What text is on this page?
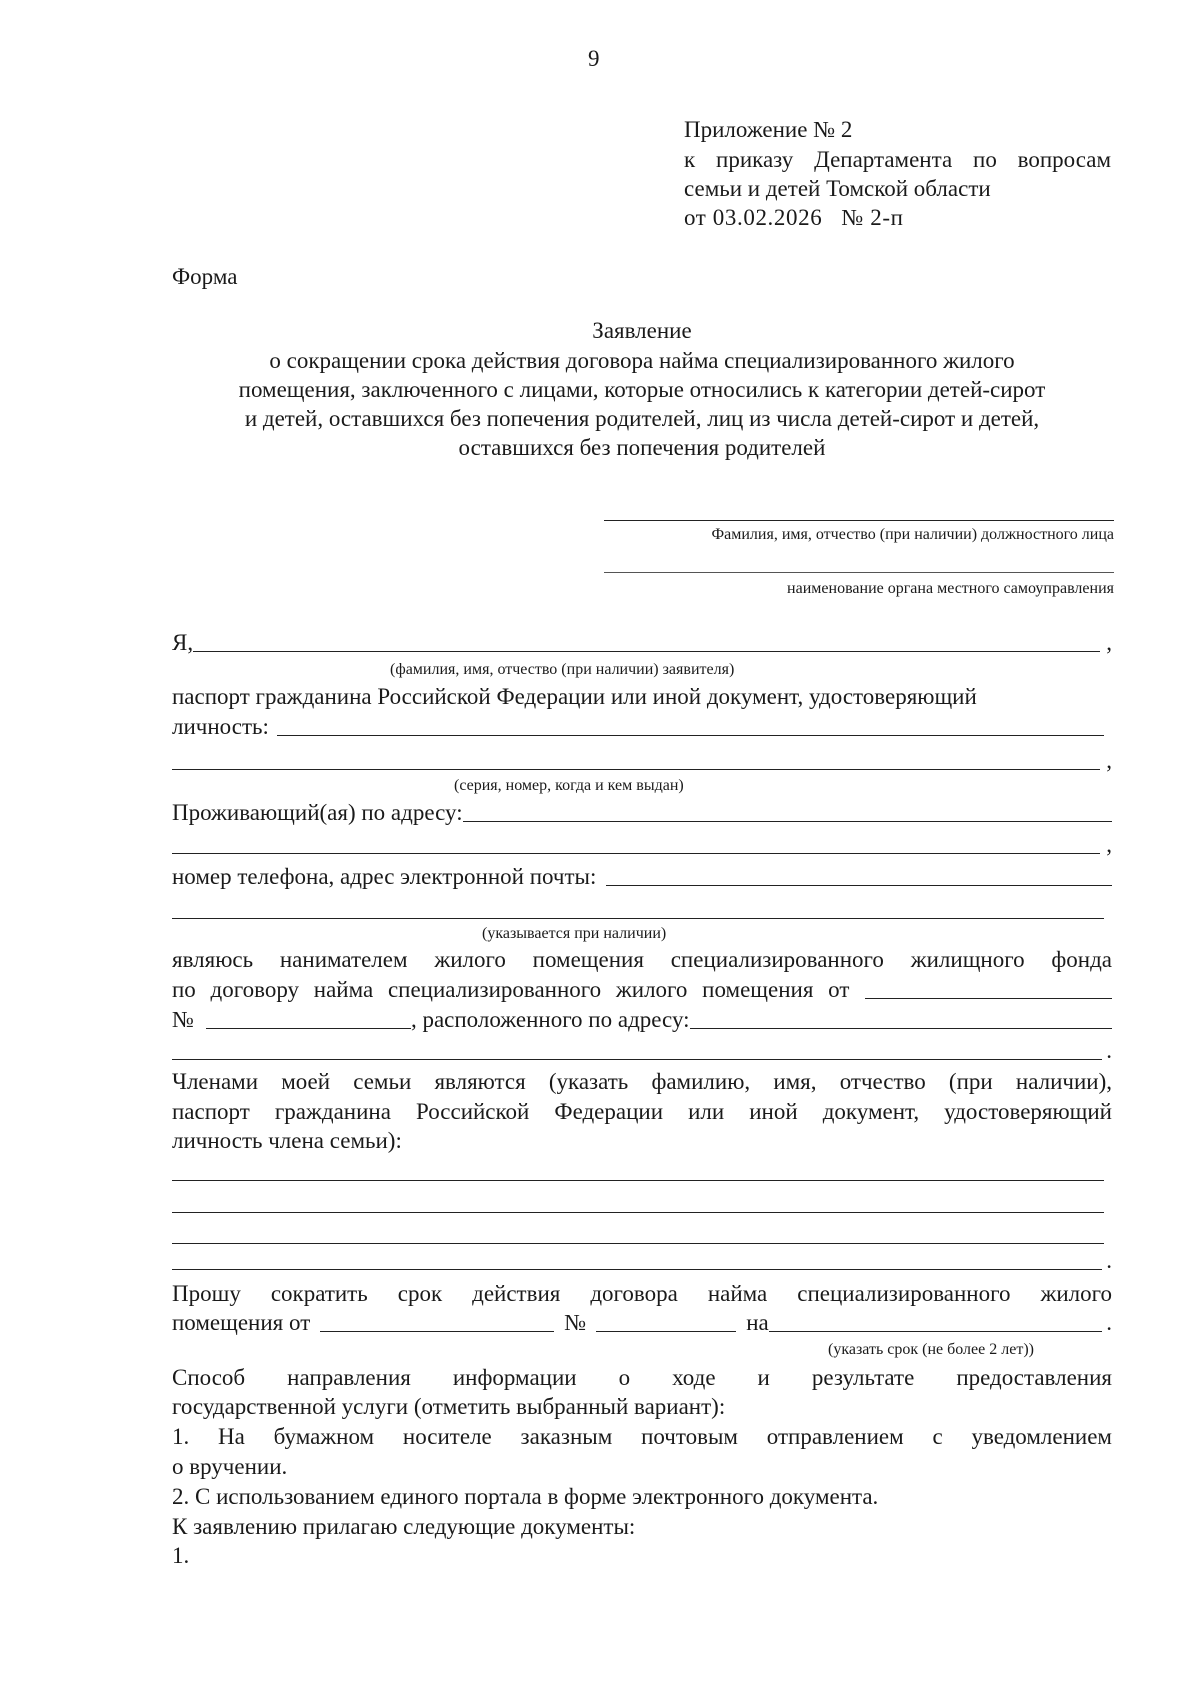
9
Приложение № 2
к приказу Департамента по вопросам
семьи и детей Томской области
от 03.02.2026   № 2-п
Форма
Заявление
о сокращении срока действия договора найма специализированного жилого
помещения, заключенного с лицами, которые относились к категории детей-сирот
и детей, оставшихся без попечения родителей, лиц из числа детей-сирот и детей,
оставшихся без попечения родителей
Фамилия, имя, отчество (при наличии) должностного лица
наименование органа местного самоуправления
Я,	,
(фамилия, имя, отчество (при наличии) заявителя)
паспорт гражданина Российской Федерации или иной документ, удостоверяющий
личность:
,
(серия, номер, когда и кем выдан)
Проживающий(ая) по адресу:
,
номер телефона, адрес электронной почты:
(указывается при наличии)
являюсь нанимателем жилого помещения специализированного жилищного фонда
по договору найма специализированного жилого помещения от
№	, расположенного по адресу:
.
Членами моей семьи являются (указать фамилию, имя, отчество (при наличии),
паспорт гражданина Российской Федерации или иной документ, удостоверяющий
личность члена семьи):
.
Прошу сократить срок действия договора найма специализированного жилого
помещения от	№	на	.
(указать срок (не более 2 лет))
Способ направления информации о ходе и результате предоставления
государственной услуги (отметить выбранный вариант):
1. На бумажном носителе заказным почтовым отправлением с уведомлением
о вручении.
2. С использованием единого портала в форме электронного документа.
К заявлению прилагаю следующие документы:
1.
